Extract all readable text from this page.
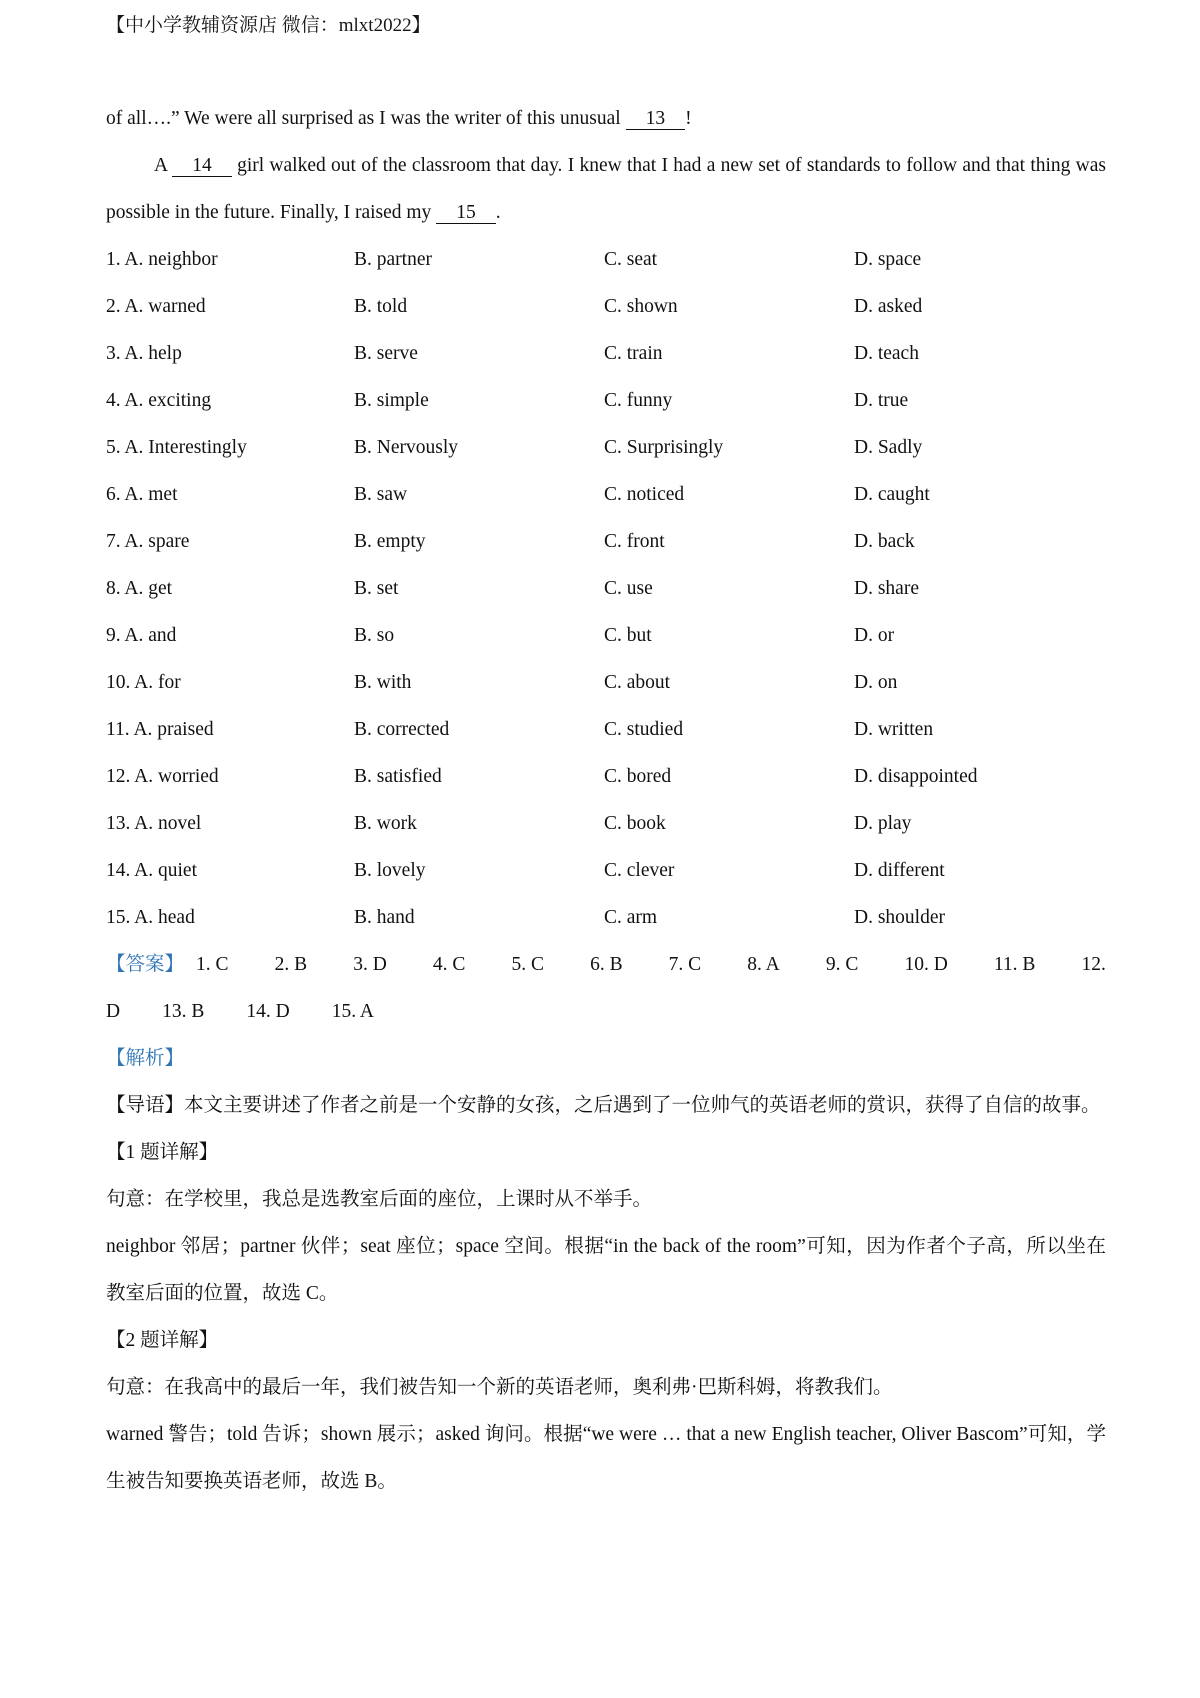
【中小学教辅资源店 微信：mlxt2022】

of all….” We were all surprised as I was the writer of this unusual 13 !

A 14 girl walked out of the classroom that day. I knew that I had a new set of standards to follow and that thing was possible in the future. Finally, I raised my 15 .

1. A. neighbor	B. partner	C. seat	D. space
2. A. warned	B. told	C. shown	D. asked
3. A. help	B. serve	C. train	D. teach
4. A. exciting	B. simple	C. funny	D. true
5. A. Interestingly	B. Nervously	C. Surprisingly	D. Sadly
6. A. met	B. saw	C. noticed	D. caught
7. A. spare	B. empty	C. front	D. back
8. A. get	B. set	C. use	D. share
9. A. and	B. so	C. but	D. or
10. A. for	B. with	C. about	D. on
11. A. praised	B. corrected	C. studied	D. written
12. A. worried	B. satisfied	C. bored	D. disappointed
13. A. novel	B. work	C. book	D. play
14. A. quiet	B. lovely	C. clever	D. different
15. A. head	B. hand	C. arm	D. shoulder
【答案】 1. C 2. B 3. D 4. C 5. C 6. B 7. C 8. A 9. C 10. D 11. B 12.
D 13. B 14. D 15. A

【解析】

【导语】本文主要讲述了作者之前是一个安静的女孩，之后遇到了一位帅气的英语老师的赏识，获得了自信的故事。

【1 题详解】

句意：在学校里，我总是选教室后面的座位，上课时从不举手。

neighbor 邻居；partner 伙伴；seat 座位；space 空间。根据“in the back of the room”可知，因为作者个子高，所以坐在教室后面的位置，故选 C。

【2 题详解】

句意：在我高中的最后一年，我们被告知一个新的英语老师，奥利弗·巴斯科姆，将教我们。

warned 警告；told 告诉；shown 展示；asked 询问。根据“we were … that a new English teacher, Oliver Bascom”可知，学生被告知要换英语老师，故选 B。
